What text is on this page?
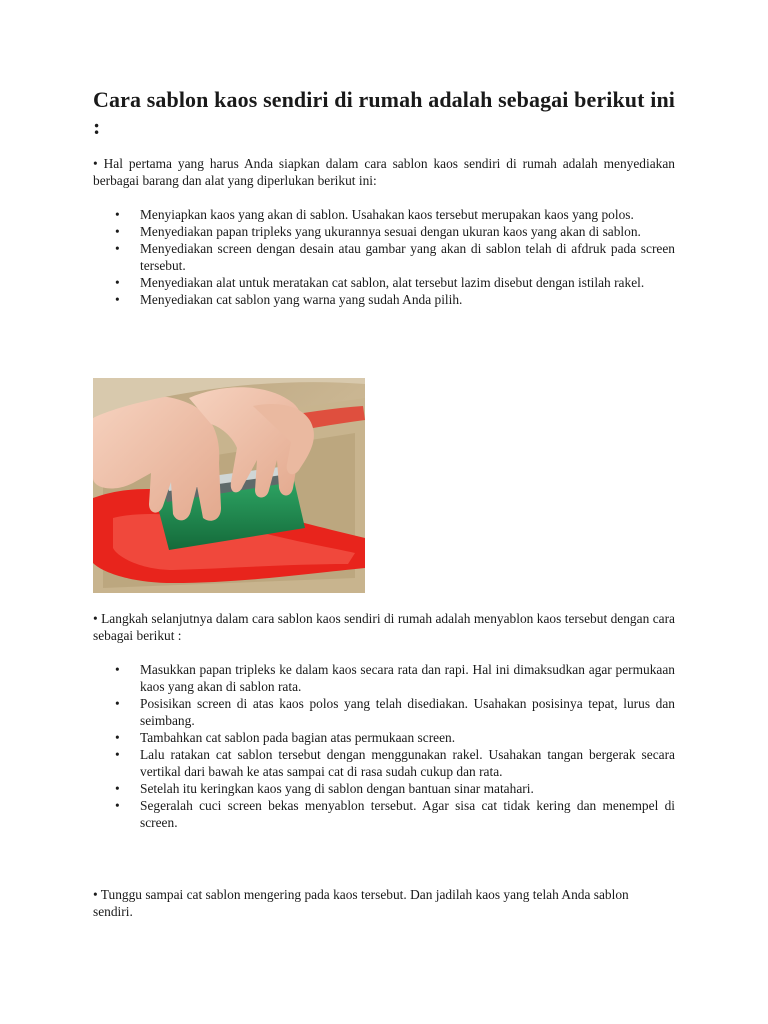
Cara sablon kaos sendiri di rumah adalah sebagai berikut ini :

• Hal pertama yang harus Anda siapkan dalam cara sablon kaos sendiri di rumah adalah menyediakan berbagai barang dan alat yang diperlukan berikut ini:

• Menyiapkan kaos yang akan di sablon. Usahakan kaos tersebut merupakan kaos yang polos.
• Menyediakan papan tripleks yang ukurannya sesuai dengan ukuran kaos yang akan di sablon.
• Menyediakan screen dengan desain atau gambar yang akan di sablon telah di afdruk pada screen tersebut.
• Menyediakan alat untuk meratakan cat sablon, alat tersebut lazim disebut dengan istilah rakel.
• Menyediakan cat sablon yang warna yang sudah Anda pilih.

• Langkah selanjutnya dalam cara sablon kaos sendiri di rumah adalah menyablon kaos tersebut dengan cara sebagai berikut :

• Masukkan papan tripleks ke dalam kaos secara rata dan rapi. Hal ini dimaksudkan agar permukaan kaos yang akan di sablon rata.
• Posisikan screen di atas kaos polos yang telah disediakan. Usahakan posisinya tepat, lurus dan seimbang.
• Tambahkan cat sablon pada bagian atas permukaan screen.
• Lalu ratakan cat sablon tersebut dengan menggunakan rakel. Usahakan tangan bergerak secara vertikal dari bawah ke atas sampai cat di rasa sudah cukup dan rata.
• Setelah itu keringkan kaos yang di sablon dengan bantuan sinar matahari.
• Segeralah cuci screen bekas menyablon tersebut. Agar sisa cat tidak kering dan menempel di screen.

• Tunggu sampai cat sablon mengering pada kaos tersebut. Dan jadilah kaos yang telah Anda sablon sendiri.
